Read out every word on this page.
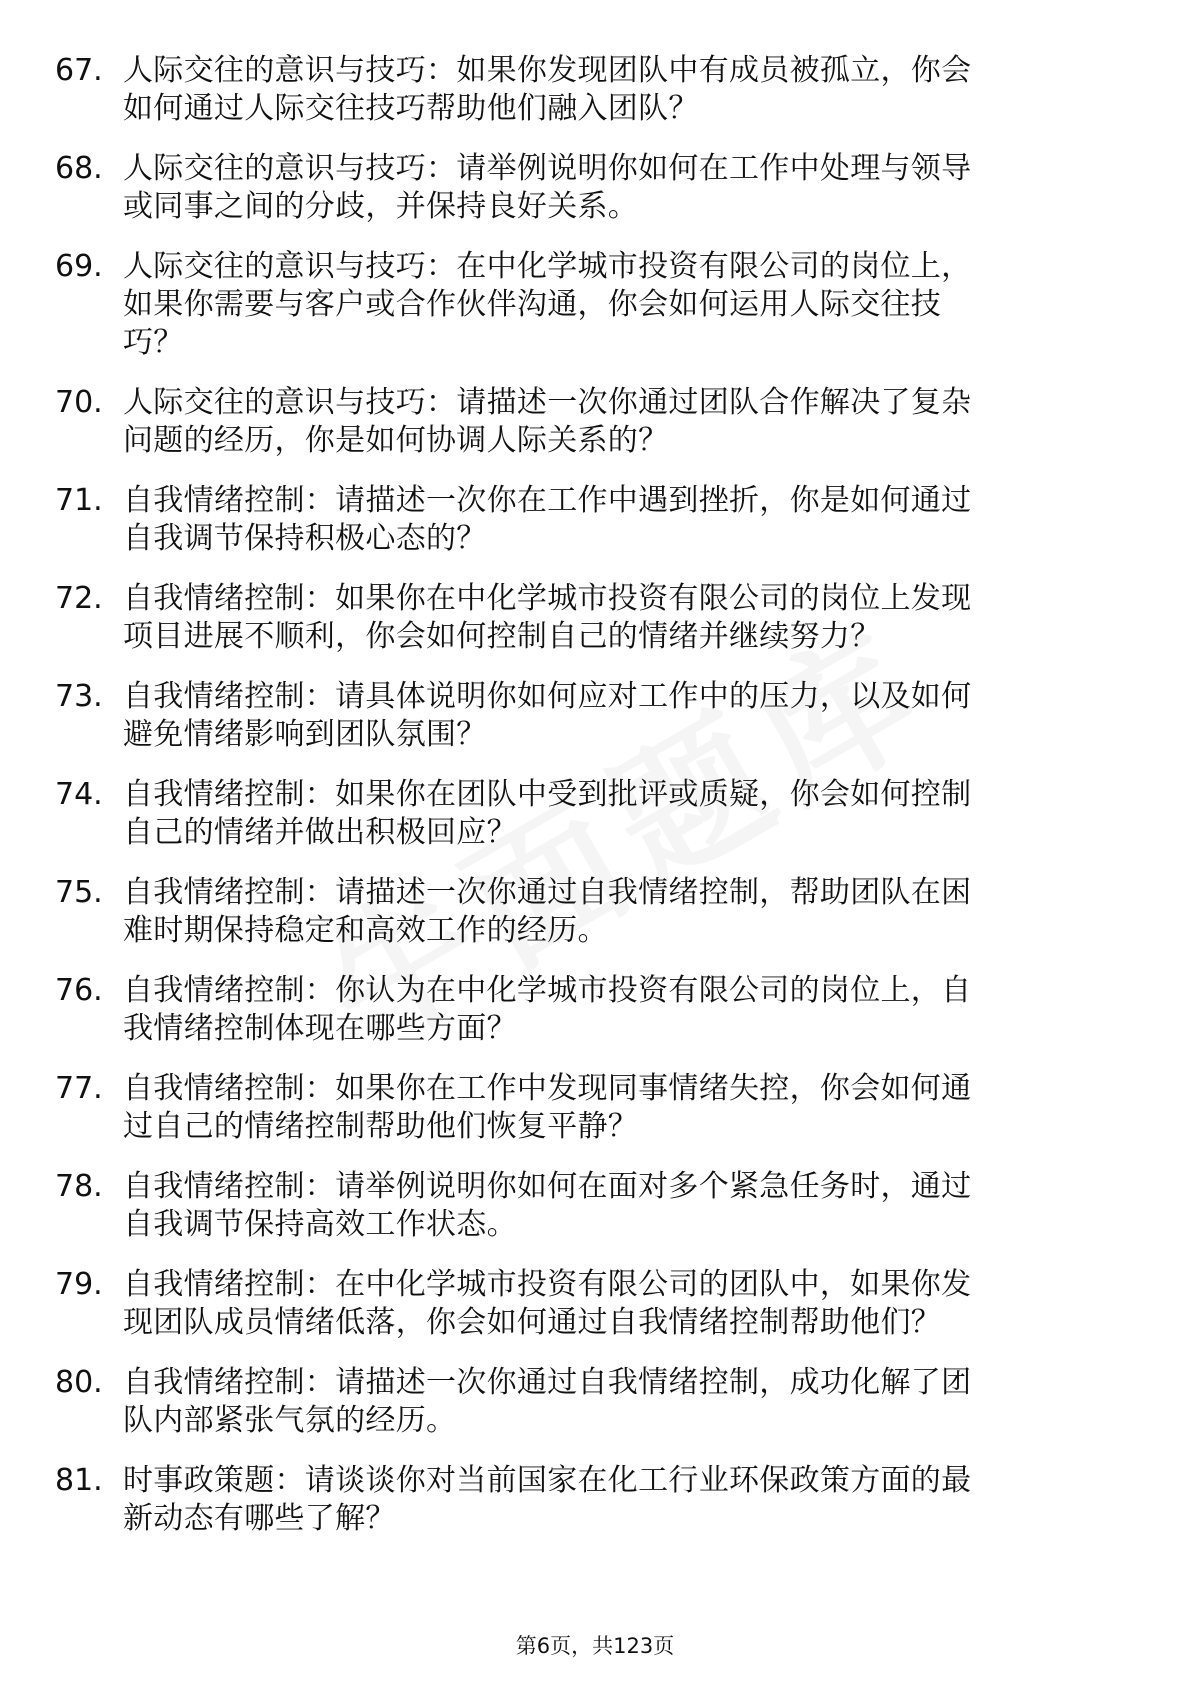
67. 人际交往的意识与技巧：如果你发现团队中有成员被孤立，你会
如何通过人际交往技巧帮助他们融入团队？
68. 人际交往的意识与技巧：请举例说明你如何在工作中处理与领导
或同事之间的分歧，并保持良好关系。
69. 人际交往的意识与技巧：在中化学城市投资有限公司的岗位上，
如果你需要与客户或合作伙伴沟通，你会如何运用人际交往技
巧？
70. 人际交往的意识与技巧：请描述一次你通过团队合作解决了复杂
问题的经历，你是如何协调人际关系的？
71. 自我情绪控制：请描述一次你在工作中遇到挫折，你是如何通过
自我调节保持积极心态的？
72. 自我情绪控制：如果你在中化学城市投资有限公司的岗位上发现
项目进展不顺利，你会如何控制自己的情绪并继续努力？
73. 自我情绪控制：请具体说明你如何应对工作中的压力，以及如何
避免情绪影响到团队氛围？
74. 自我情绪控制：如果你在团队中受到批评或质疑，你会如何控制
自己的情绪并做出积极回应？
75. 自我情绪控制：请描述一次你通过自我情绪控制，帮助团队在困
难时期保持稳定和高效工作的经历。
76. 自我情绪控制：你认为在中化学城市投资有限公司的岗位上，自
我情绪控制体现在哪些方面？
77. 自我情绪控制：如果你在工作中发现同事情绪失控，你会如何通
过自己的情绪控制帮助他们恢复平静？
78. 自我情绪控制：请举例说明你如何在面对多个紧急任务时，通过
自我调节保持高效工作状态。
79. 自我情绪控制：在中化学城市投资有限公司的团队中，如果你发
现团队成员情绪低落，你会如何通过自我情绪控制帮助他们？
80. 自我情绪控制：请描述一次你通过自我情绪控制，成功化解了团
队内部紧张气氛的经历。
81. 时事政策题：请谈谈你对当前国家在化工行业环保政策方面的最
新动态有哪些了解？
第6页，共123页
